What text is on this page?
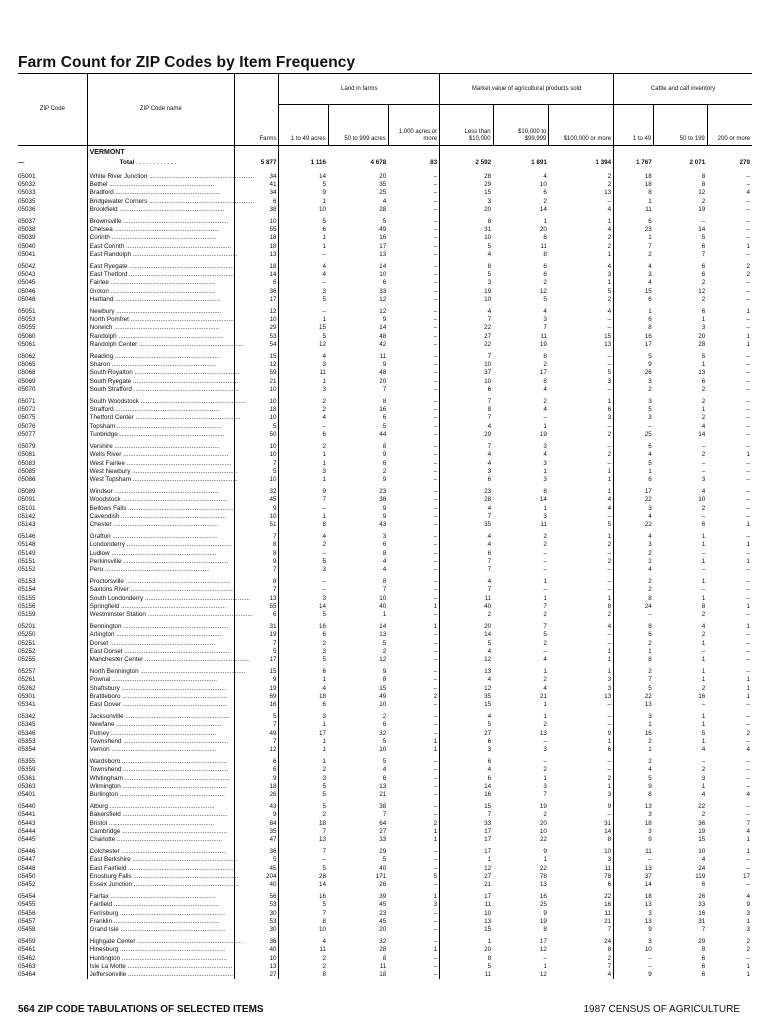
Farm Count for ZIP Codes by Item Frequency
ZIP Code	ZIP Code name	Farms	Land in farms			Market value of agricultural products sold			Cattle and calf inventory		
			1 to 49 acres	50 to 999 acres	1,000 acres or more	Less than $10,000	$10,000 to $99,999	$100,000 or more	1 to 49	50 to 199	200 or more
	VERMONT										
—	Total . . . . . . . . . . . .	5 877	1 116	4 678	83	2 592	1 891	1 394	1 767	2 071	279

05001	White River Junction ............................................................	34	14	20	–	28	4	2	18	8	–
05032	Bethel ............................................................	41	5	35	–	29	10	2	18	8	–
05033	Bradford ............................................................	34	9	25	–	15	6	13	8	12	4
05035	Bridgewater Corners ............................................................	6	1	4	–	3	2	–	1	2	–
05036	Brookfield ............................................................	38	10	28	–	20	14	4	11	19	–

05037	Brownsville ............................................................	10	5	5	–	8	1	1	6	–	–
05038	Chelsea ............................................................	55	6	49	–	31	20	4	23	14	–
05039	Corinth ............................................................	18	1	16	–	10	6	2	1	5	–
05040	East Corinth ............................................................	18	1	17	–	5	11	2	7	6	1
05041	East Randolph ............................................................	13	–	13	–	4	8	1	2	7	–

05042	East Ryegate ............................................................	18	4	14	–	8	6	4	4	6	2
05043	East Thetford ............................................................	14	4	10	–	5	6	3	3	6	2
05045	Fairlee ............................................................	6	–	6	–	3	2	1	4	2	–
05046	Groton ............................................................	36	3	33	–	19	12	5	15	12	–
05048	Hartland ............................................................	17	5	12	–	10	5	2	6	2	–

05051	Newbury ............................................................	12	–	12	–	4	4	4	1	6	1
05053	North Pomfret ............................................................	10	1	9	–	7	3	–	6	1	–
05055	Norwich ............................................................	29	15	14	–	22	7	–	8	3	–
05060	Randolph ............................................................	53	5	48	–	27	11	15	16	20	1
05061	Randolph Center ............................................................	54	12	42	–	22	19	13	17	28	1

05062	Reading ............................................................	15	4	11	–	7	8	–	5	5	–
05065	Sharon ............................................................	12	3	9	–	10	2	–	9	1	–
05068	South Royalton ............................................................	59	11	48	–	37	17	5	26	13	–
05069	South Ryegate ............................................................	21	1	20	–	10	8	3	3	6	–
05070	South Strafford ............................................................	10	3	7	–	6	4	–	2	2	–

05071	South Woodstock ............................................................	10	2	8	–	7	2	1	3	2	–
05072	Strafford ............................................................	18	2	16	–	8	4	6	5	1	–
05075	Thetford Center ............................................................	10	4	6	–	7	–	3	3	2	–
05076	Topsham ............................................................	5	–	5	–	4	1	–	–	4	–
05077	Tunbridge ............................................................	50	6	44	–	29	19	2	25	14	–

05079	Vershire ............................................................	10	2	8	–	7	3	–	6	–	–
05081	Wells River ............................................................	10	1	9	–	4	4	2	4	2	1
05083	West Fairlee ............................................................	7	1	6	–	4	3	–	5	–	–
05085	West Newbury ............................................................	5	3	2	–	3	1	1	1	–	–
05086	West Topsham ............................................................	10	1	9	–	6	3	1	6	3	–

05089	Windsor ............................................................	32	9	23	–	23	8	1	17	4	–
05091	Woodstock ............................................................	45	7	38	–	28	14	4	22	10	–
05101	Bellows Falls ............................................................	9	–	9	–	4	1	4	3	2	–
05142	Cavendish ............................................................	10	1	9	–	7	3	–	4	–	–
05143	Chester ............................................................	51	8	43	–	35	11	5	22	6	1

05146	Grafton ............................................................	7	4	3	–	4	2	1	4	1	–
05148	Londonderry ............................................................	8	2	6	–	4	2	2	3	1	1
05149	Ludlow ............................................................	8	–	8	–	6	–	–	2	–	–
05151	Perkinsville ............................................................	9	5	4	–	7	–	2	2	1	1
05152	Peru ............................................................	7	3	4	–	7	–	–	4	–	–

05153	Proctorsville ............................................................	8	–	8	–	4	1	–	2	1	–
05154	Saxtons River ............................................................	7	–	7	–	7	–	–	2	–	–
05155	South Londonderry ............................................................	13	3	10	–	11	1	1	8	1	–
05156	Springfield ............................................................	55	14	40	1	40	7	8	24	8	1
05159	Westminster Station ............................................................	6	5	1	–	2	2	2	–	2	–

05201	Bennington ............................................................	31	16	14	1	20	7	4	8	4	1
05250	Arlington ............................................................	19	6	13	–	14	5	–	6	2	–
05251	Dorset ............................................................	7	2	5	–	5	2	–	2	1	–
05252	East Dorset ............................................................	5	3	2	–	4	–	1	1	–	–
05255	Manchester Center ............................................................	17	5	12	–	12	4	1	8	1	–

05257	North Bennington ............................................................	15	6	9	–	13	1	1	2	1	–
05261	Pownal ............................................................	9	1	8	–	4	2	3	7	1	1
05262	Shaftsbury ............................................................	19	4	15	–	12	4	3	5	2	1
05301	Brattleboro ............................................................	69	18	49	2	35	21	13	22	16	1
05341	East Dover ............................................................	16	6	10	–	15	1	–	13	–	–

05342	Jacksonville ............................................................	5	3	2	–	4	1	–	3	1	–
05345	Newfane ............................................................	7	1	6	–	5	2	–	1	1	–
05346	Putney ............................................................	49	17	32	–	27	13	9	16	5	2
05353	Townshend ............................................................	7	1	5	1	6	–	1	2	1	–
05354	Vernon ............................................................	12	1	10	1	3	3	6	1	4	4

05355	Wardsboro ............................................................	6	1	5	–	6	–	–	2	–	–
05359	Townshend ............................................................	6	2	4	–	4	2	–	4	2	–
05361	Whitingham ............................................................	9	3	6	–	6	1	2	5	3	–
05363	Wilmington ............................................................	18	5	13	–	14	3	1	9	1	–
05401	Burlington ............................................................	26	5	21	–	16	7	3	8	4	4

05440	Alburg ............................................................	43	5	38	–	15	19	9	13	22	–
05441	Bakersfield ............................................................	9	2	7	–	7	2	–	3	2	–
05443	Bristol ............................................................	84	18	64	2	33	20	31	18	36	7
05444	Cambridge ............................................................	35	7	27	1	17	10	14	3	19	4
05445	Charlotte ............................................................	47	13	33	1	17	22	8	9	15	1

05446	Colchester ............................................................	36	7	29	–	17	9	10	11	10	1
05447	East Berkshire ............................................................	5	–	5	–	1	1	3	–	4	–
05448	East Fairfield ............................................................	45	5	40	–	12	22	11	13	24	–
05450	Enosburg Falls ............................................................	204	28	171	5	27	78	78	37	119	17
05452	Essex Junction ............................................................	40	14	26	–	21	13	6	14	6	–

05454	Fairfax ............................................................	56	16	39	1	17	16	22	18	26	4
05455	Fairfield ............................................................	53	5	45	3	11	25	16	13	33	9
05456	Ferrisburg ............................................................	30	7	23	–	10	9	11	3	16	3
05457	Franklin ............................................................	53	8	45	–	13	19	21	13	31	1
05458	Grand Isle ............................................................	30	10	20	–	15	8	7	9	7	3

05459	Highgate Center ............................................................	36	4	32	–	1	17	24	3	29	2
05461	Hinesburg ............................................................	40	11	28	1	20	12	8	10	8	2
05462	Huntington ............................................................	10	2	8	–	8	–	2	–	6	–
05463	Isle La Motte ............................................................	13	2	11	–	5	1	7	–	6	1
05464	Jeffersonville ............................................................	27	8	18	–	11	12	4	9	6	1
564 ZIP CODE TABULATIONS OF SELECTED ITEMS	1987 CENSUS OF AGRICULTURE
